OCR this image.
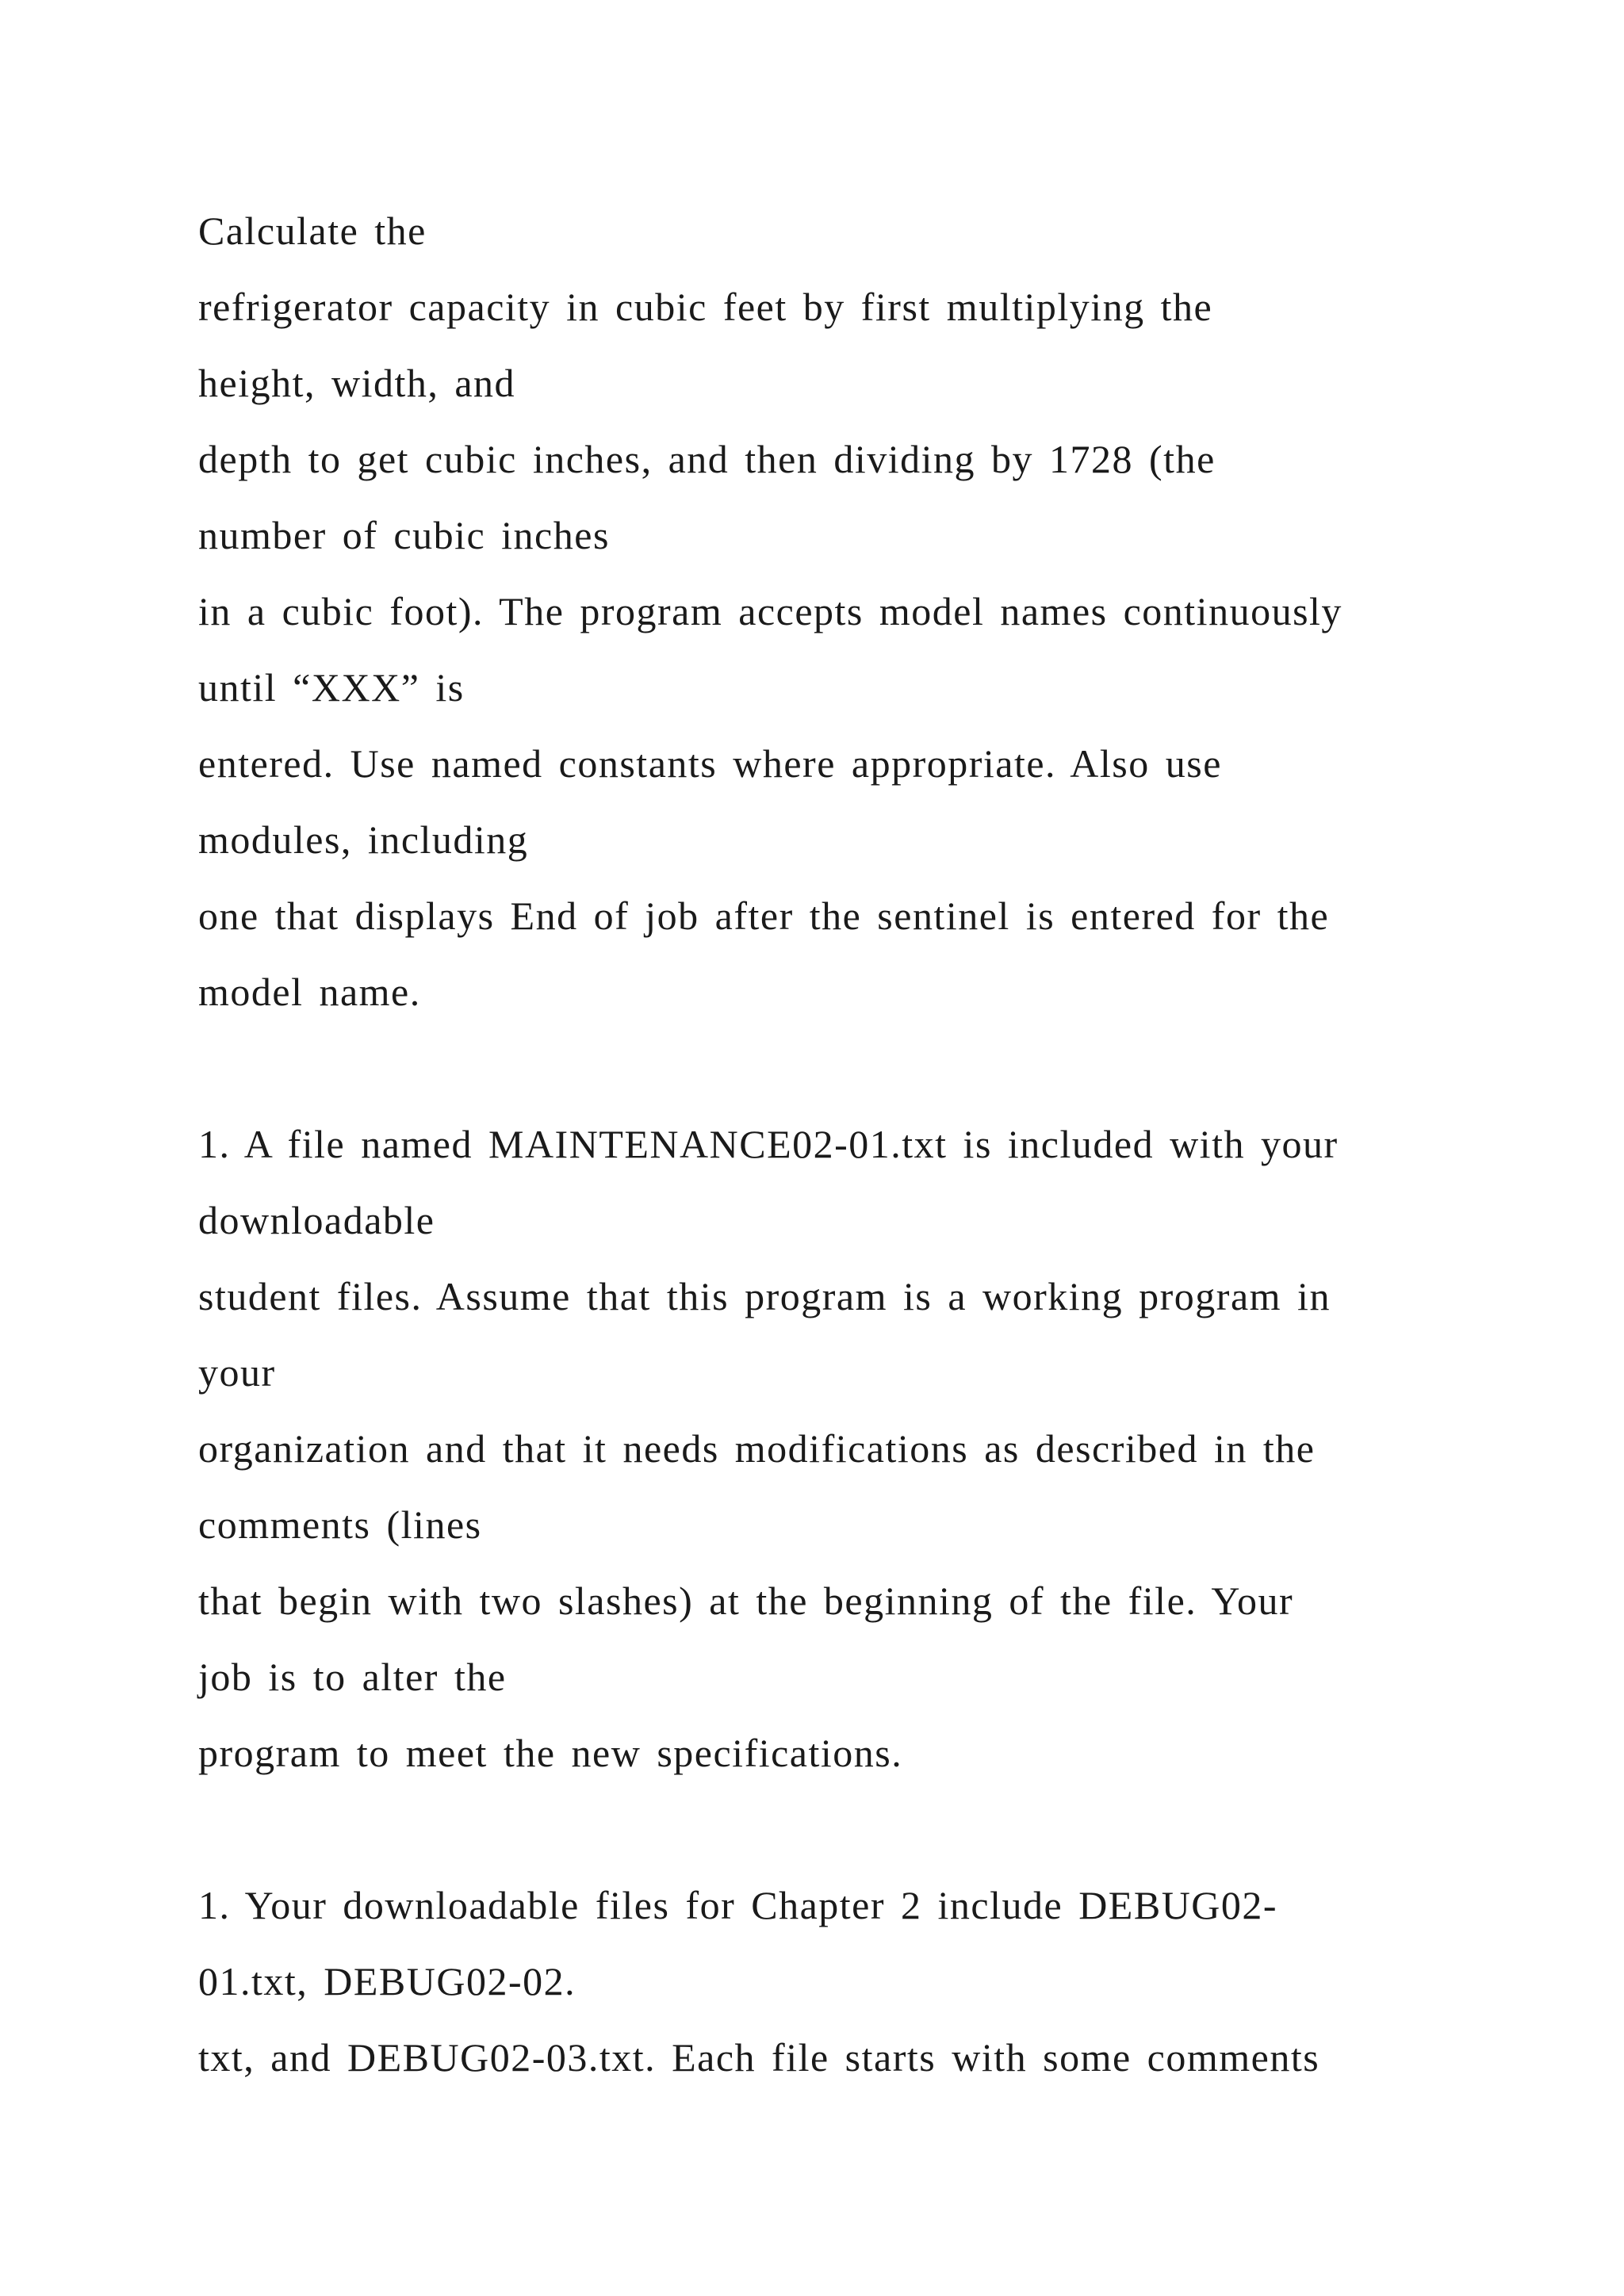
Calculate the
refrigerator capacity in cubic feet by first multiplying the
height, width, and
depth to get cubic inches, and then dividing by 1728 (the
number of cubic inches
in a cubic foot). The program accepts model names continuously
until “XXX” is
entered. Use named constants where appropriate. Also use
modules, including
one that displays End of job after the sentinel is entered for the
model name.
1. A file named MAINTENANCE02-01.txt is included with your
downloadable
student files. Assume that this program is a working program in
your
organization and that it needs modifications as described in the
comments (lines
that begin with two slashes) at the beginning of the file. Your
job is to alter the
program to meet the new specifications.
1. Your downloadable files for Chapter 2 include DEBUG02-
01.txt, DEBUG02-02.
txt, and DEBUG02-03.txt. Each file starts with some comments
